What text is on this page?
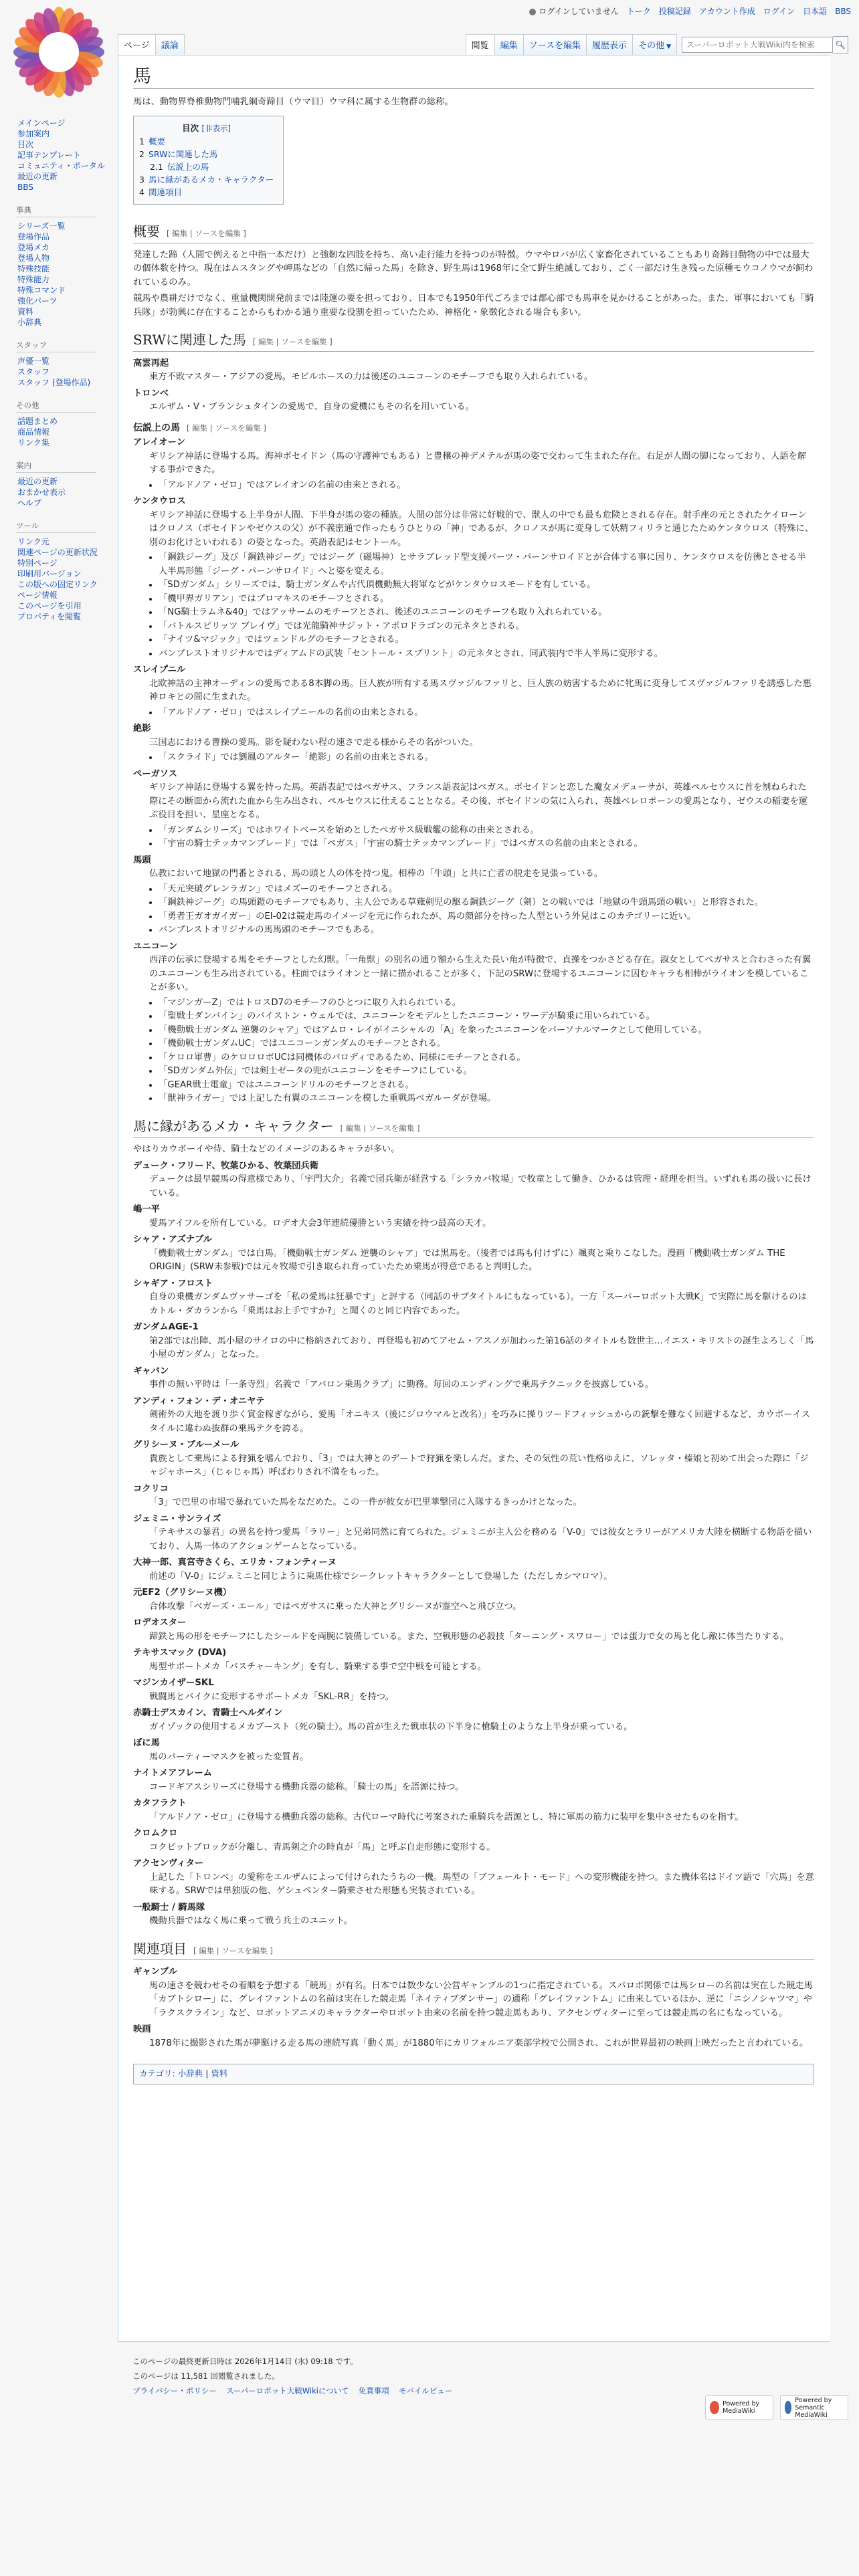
ログインしていません トーク 投稿記録 アカウント作成 ログイン 日本語 BBS
ページ	議論	閲覧	編集	ソースを編集	履歴表示	その他 ▼
スーパーロボット大戦Wiki内を検索	🔍︎
メインページ
参加案内
目次
記事テンプレート
コミュニティ・ポータル
最近の更新
BBS
事典
シリーズ一覧
登場作品
登場メカ
登場人物
特殊技能
特殊能力
特殊コマンド
強化パーツ
資料
小辞典
スタッフ
声優一覧
スタッフ
スタッフ (登場作品)
その他
話題まとめ
商品情報
リンク集
案内
最近の更新
おまかせ表示
ヘルプ
ツール
リンク元
関連ページの更新状況
特別ページ
印刷用バージョン
この版への固定リンク
ページ情報
このページを引用
プロパティを閲覧
馬

馬は、動物界脊椎動物門哺乳綱奇蹄目（ウマ目）ウマ科に属する生物群の総称。

目次 [非表示]
1 概要
2 SRWに関連した馬
2.1 伝説上の馬
3 馬に縁があるメカ・キャラクター
4 関連項目
概要 [ 編集 | ソースを編集 ]

発達した蹄（人間で例えると中指一本だけ）と強靭な四肢を持ち、高い走行能力を持つのが特徴。ウマやロバが広く家畜化されていることもあり奇蹄目動物の中では最大の個体数を持つ。現在はムスタングや岬馬などの「自然に帰った馬」を除き、野生馬は1968年に全て野生絶滅しており、ごく一部だけ生き残った原種モウコノウマが飼われているのみ。

競馬や農耕だけでなく、重量機関開発前までは陸運の要を担っており、日本でも1950年代ごろまでは都心部でも馬車を見かけることがあった。また、軍事においても「騎兵隊」が勃興に存在することからもわかる通り重要な役割を担っていたため、神格化・象徴化される場合も多い。

SRWに関連した馬 [ 編集 | ソースを編集 ]
高雲再起
東方不敗マスター・アジアの愛馬。モビルホースの力は後述のユニコーンのモチーフでも取り入れられている。
トロンベ
エルザム・V・ブランシュタインの愛馬で、自身の愛機にもその名を用いている。
伝説上の馬 [ 編集 | ソースを編集 ]
アレイオーン
ギリシア神話に登場する馬。海神ポセイドン（馬の守護神でもある）と豊穣の神デメテルが馬の姿で交わって生まれた存在。右足が人間の脚になっており、人語を解する事ができた。
• 「アルドノア・ゼロ」ではアレイオンの名前の由来とされる。
ケンタウロス
ギリシア神話に登場する上半身が人間、下半身が馬の姿の種族。人間の部分は非常に好戦的で、獣人の中でも最も危険とされる存在。射手座の元とされたケイローンはクロノス（ポセイドンやゼウスの父）が不義密通で作ったもうひとりの「神」であるが、クロノスが馬に変身して妖精フィリラと通じたためケンタウロス（特殊に、別のお化けといわれる）の姿となった。英語表記はセントール。
• 「鋼鉄ジーグ」及び「鋼鉄神ジーグ」ではジーグ（磁場神）とサラブレッド型支援パーツ・パーンサロイドとが合体する事に因り、ケンタウロスを彷彿とさせる半人半馬形態「ジーグ・パーンサロイド」へと姿を変える。
• 「SDガンダム」シリーズでは、騎士ガンダムや古代頂機動無大将軍などがケンタウロスモードを有している。
• 「機甲界ガリアン」ではプロマキスのモチーフとされる。
• 「NG騎士ラムネ&40」ではアッサームのモチーフとされ、後述のユニコーンのモチーフも取り入れられている。
• 「バトルスピリッツ ブレイヴ」では光龍騎神サジット・アポロドラゴンの元ネタとされる。
• 「ナイツ&マジック」ではツェンドルグのモチーフとされる。
• バンプレストオリジナルではディアムドの武装「セントール・スプリント」の元ネタとされ、同武装内で半人半馬に変形する。
スレイプニル
北欧神話の主神オーディンの愛馬である8本脚の馬。巨人族が所有する馬スヴァジルファリと、巨人族の妨害するために牝馬に変身してスヴァジルファリを誘惑した悪神ロキとの間に生まれた。
• 「アルドノア・ゼロ」ではスレイプニールの名前の由来とされる。
絶影
三国志における曹操の愛馬。影を疑わない程の速さで走る様からその名がついた。
• 「スクライド」では劉鳳のアルター「絶影」の名前の由来とされる。
ペーガソス
ギリシア神話に登場する翼を持った馬。英語表記ではペガサス、フランス語表記はペガス。ポセイドンと恋した魔女メデューサが、英雄ペルセウスに首を刎ねられた際にその断面から流れた血から生み出され、ペルセウスに仕えることとなる。その後、ボセイドンの気に入られ、英雄ベレロポーンの愛馬となり、ゼウスの稲妻を運ぶ役目を担い、星座となる。
• 「ガンダムシリーズ」ではホワイトベースを始めとしたペガサス級戦艦の総称の由来とされる。
• 「宇宙の騎士テッカマンブレード」では「ペガス」「宇宙の騎士テッカマンブレード」ではペガスの名前の由来とされる。
馬頭
仏教において地獄の門番とされる、馬の頭と人の体を持つ鬼。相棒の「牛頭」と共に亡者の脱走を見張っている。
• 「天元突破グレンラガン」ではメズーのモチーフとされる。
• 「鋼鉄神ジーグ」の馬頭鎧のモチーフでもあり、主人公である草薙剣児の駆る鋼鉄ジーグ（剣）との戦いでは「地獄の牛頭馬頭の戦い」と形容された。
• 「勇者王ガオガイガー」のEI-02は競走馬のイメージを元に作られたが、馬の顔部分を持った人型という外見はこのカテゴリーに近い。
• バンプレストオリジナルの馬馬頭のモチーフでもある。
ユニコーン
西洋の伝承に登場する馬をモチーフとした幻獣。「一角獣」の別名の通り額から生えた長い角が特徴で、貞操をつかさどる存在。淑女としてペガサスと合わさった有翼のユニコーンも生み出されている。柱面ではライオンと一緒に描かれることが多く、下記のSRWに登場するユニコーンに因むキャラも相棒がライオンを模していることが多い。
• 「マジンガーZ」ではトロスD7のモチーフのひとつに取り入れられている。
• 「聖戦士ダンバイン」のバイストン・ウェルでは、ユニコーンをモデルとしたユニコーン・ワーデが騎乗に用いられている。
• 「機動戦士ガンダム 逆襲のシャア」ではアムロ・レイがイニシャルの「A」を象ったユニコーンをパーソナルマークとして使用している。
• 「機動戦士ガンダムUC」ではユニコーンガンダムのモチーフとされる。
• 「ケロロ軍曹」のケロロロボUCは同機体のパロディであるため、同様にモチーフとされる。
• 「SDガンダム外伝」では剣士ゼータの兜がユニコーンをモチーフにしている。
• 「GEAR戦士電童」ではユニコーンドリルのモチーフとされる。
• 「獣神ライガー」では上記した有翼のユニコーンを模した重戦馬ベガルーダが登場。
馬に縁があるメカ・キャラクター [ 編集 | ソースを編集 ]

やはりカウボーイや侍、騎士などのイメージのあるキャラが多い。

デューク・フリード、牧葉ひかる、牧葉団兵衛
デュークは最早競馬の得意様であり、「宇門大介」名義で団兵衛が経営する「シラカバ牧場」で牧童として働き、ひかるは管理・経理を担当。いずれも馬の扱いに長けている。
嶋一平
愛馬アイフルを所有している。ロデオ大会3年連続優勝という実績を持つ最高の天才。
シャア・アズナブル
「機動戦士ガンダム」では白馬。「機動戦士ガンダム 逆襲のシャア」では黒馬を。（後者では馬も付けずに）颯爽と乗りこなした。漫画「機動戦士ガンダム THE ORIGIN」(SRW未参戦)では元々牧場で引き取られ育っていたため乗馬が得意であると判明した。
シャギア・フロスト
自身の乗機ガンダムヴァサーゴを「私の愛馬は狂暴です」と評する（同話のサブタイトルにもなっている）。一方「スーパーロボット大戦K」で実際に馬を駆けるのはカトル・ダカランから「乗馬はお上手ですか?」と聞くのと同じ内容であった。
ガンダムAGE-1
第2部では出陣、馬小屋のサイロの中に格納されており、再登場も初めてアセム・アスノが加わった第16話のタイトルも数世主…イエス・キリストの誕生よろしく「馬小屋のガンダム」となった。
ギャバン
事件の無い平時は「一条寺烈」名義で「アバロン乗馬クラブ」に勤務。毎回のエンディングで乗馬テクニックを披露している。
アンディ・フォン・デ・オニヤテ
剣術外の大地を渡り歩く賞金稼ぎながら、愛馬「オニキス（後にジロウマルと改名）」を巧みに操りツードフィッシュからの銃撃を難なく回避するなど、カウボーイスタイルに違わぬ抜群の乗馬テクを誇る。
グリシーヌ・ブルーメール
貴族として乗馬による狩猟を嗜んでおり、「3」では大神とのデートで狩猟を楽しんだ。また、その気性の荒い性格ゆえに、ソレッタ・榛娘と初めて出会った際に「ジャジャホース」（じゃじゃ馬）呼ばわりされ不満をもった。
コクリコ
「3」で巴里の市場で暴れていた馬をなだめた。この一件が彼女が巴里華撃団に入隊するきっかけとなった。
ジェミニ・サンライズ
「テキサスの暴君」の異名を持つ愛馬「ラリー」と兄弟同然に育てられた。ジェミニが主人公を務める「V-0」では彼女とラリーがアメリカ大陸を横断する物語を描いており、人馬一体のアクションゲームとなっている。
大神一郎、真宮寺さくら、エリカ・フォンティーヌ
前述の「V-0」にジェミニと同じように乗馬仕様でシークレットキャラクターとして登場した（ただしカシマロマ）。
元EF2（グリシーヌ機）
合体攻撃「ベガーズ・エール」ではペガサスに乗った大神とグリシーヌが霊空へと飛び立つ。
ロデオスター
蹄鉄と馬の形をモチーフにしたシールドを両腕に装備している。また、空戦形態の必殺技「ターニング・スワロー」では蛋力で女の馬と化し敵に体当たりする。
テキサスマック (DVA)
馬型サポートメカ「バスチャーキング」を有し、騎乗する事で空中戦を可能とする。
マジンカイザーSKL
戦闘馬とバイクに変形するサポートメカ「SKL-RR」を持つ。
赤騎士デスカイン、青騎士ヘルダイン
ガイゾックの使用するメカブースト（死の騎士）。馬の首が生えた戦車状の下半身に槍騎士のような上半身が乗っている。
ぼに馬
馬のパーティーマスクを被った変質者。
ナイトメアフレーム
コードギアスシリーズに登場する機動兵器の総称。「騎士の馬」を語源に持つ。
カタフラクト
「アルドノア・ゼロ」に登場する機動兵器の総称。古代ローマ時代に考案された重騎兵を語源とし、特に軍馬の筋力に装甲を集中させたものを指す。
クロムクロ
コクピットブロックが分離し、青馬剣之介の時直が「馬」と呼ぶ自走形態に変形する。
アクセンヴィター
上記した「トロンベ」の愛称をエルザムによって付けられたうちの一機。馬型の「ブフェールト・モード」への変形機能を持つ。また機体名はドイツ語で「穴馬」を意味する。SRWでは単独版の他、ゲシュペンター騎乗させた形態も実装されている。
一般騎士 / 騎馬隊
機動兵器ではなく馬に乗って戦う兵士のユニット。
関連項目 [ 編集 | ソースを編集 ]
ギャンブル
馬の速さを競わせその着順を予想する「競馬」が有名。日本では数少ない公営ギャンブルの1つに指定されている。スパロボ関係では馬シローの名前は実在した競走馬「カブトシロー」に、グレイファントムの名前は実在した競走馬「ネイティブダンサー」の通称「グレイファントム」に由来しているほか、逆に「ニシノシャツマ」や「ラクスクライン」など、ロボットアニメのキャラクターやロボット由来の名前を持つ競走馬もあり、アクセンヴィターに至っては競走馬の名にもなっている。
映画
1878年に撮影された馬が夢駆ける走る馬の連続写真「動く馬」が1880年にカリフォルニア楽部学校で公開され、これが世界最初の映画上映だったと言われている。
カテゴリ: 小辞典 | 資料
このページの最終更新日時は 2026年1月14日 (水) 09:18 です。
このページは 11,581 回閲覧されました。
プライバシー・ポリシー スーパーロボット大戦Wikiについて 免責事項 モバイルビュー
Powered by MediaWiki
Powered by Semantic MediaWiki
